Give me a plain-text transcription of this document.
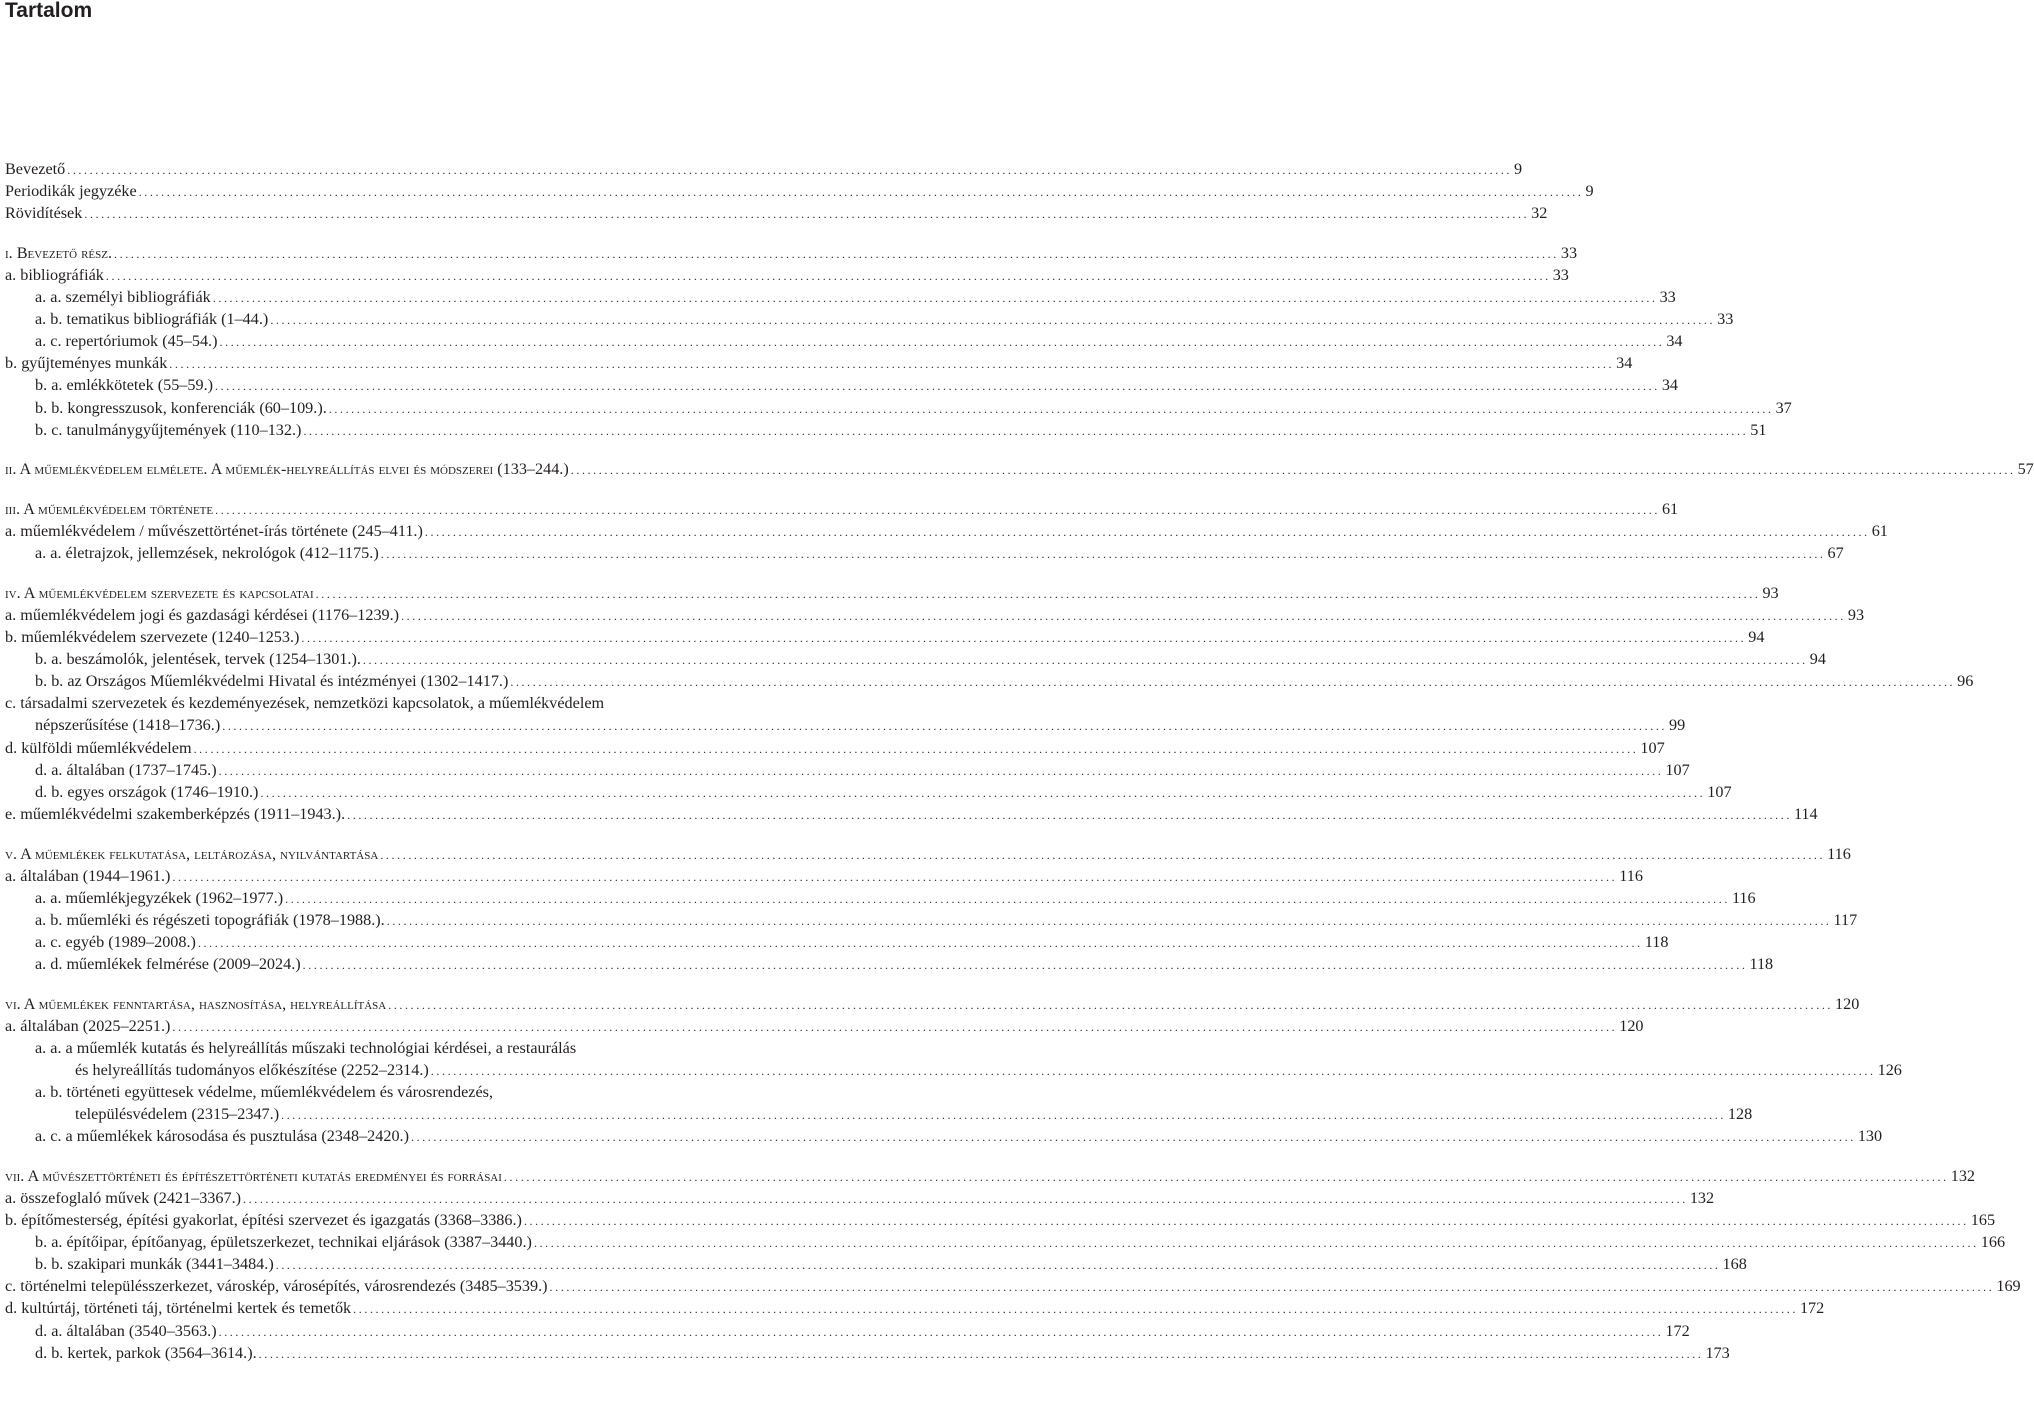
Tartalom
Bevezető .................................................................................................................................................................................................................................................................. 9
Periodikák jegyzéke .................................................................................................................................................................................................................................................................. 9
Rövidítések .................................................................................................................................................................................................................................................................. 32
i. Bevezető rész. .................................................................................................................................................................................................................................................................. 33
a. bibliográfiák .................................................................................................................................................................................................................................................................. 33
a. a. személyi bibliográfiák .................................................................................................................................................................................................................................................................. 33
a. b. tematikus bibliográfiák (1–44.) .................................................................................................................................................................................................................................................................. 33
a. c. repertóriumok (45–54.) .................................................................................................................................................................................................................................................................. 34
b. gyűjteményes munkák .................................................................................................................................................................................................................................................................. 34
b. a. emlékkötetek (55–59.) .................................................................................................................................................................................................................................................................. 34
b. b. kongresszusok, konferenciák (60–109.). .................................................................................................................................................................................................................................................................. 37
b. c. tanulmánygyűjtemények (110–132.) .................................................................................................................................................................................................................................................................. 51
ii. A műemlékvédelem elmélete. A műemlék-helyreállítás elvei és módszerei (133–244.) .................................................................................................................................................................................................................................................................. 57
iii. A műemlékvédelem története .................................................................................................................................................................................................................................................................. 61
a. műemlékvédelem / művészettörténet-írás története (245–411.) .................................................................................................................................................................................................................................................................. 61
a. a. életrajzok, jellemzések, nekrológok (412–1175.) .................................................................................................................................................................................................................................................................. 67
iv. A műemlékvédelem szervezete és kapcsolatai .................................................................................................................................................................................................................................................................. 93
a. műemlékvédelem jogi és gazdasági kérdései (1176–1239.) .................................................................................................................................................................................................................................................................. 93
b. műemlékvédelem szervezete (1240–1253.) .................................................................................................................................................................................................................................................................. 94
b. a. beszámolók, jelentések, tervek (1254–1301.). .................................................................................................................................................................................................................................................................. 94
b. b. az Országos Műemlékvédelmi Hivatal és intézményei (1302–1417.) .................................................................................................................................................................................................................................................................. 96
c. társadalmi szervezetek és kezdeményezések, nemzetközi kapcsolatok, a műemlékvédelem
népszerűsítése (1418–1736.) .................................................................................................................................................................................................................................................................. 99
d. külföldi műemlékvédelem .................................................................................................................................................................................................................................................................. 107
d. a. általában (1737–1745.) .................................................................................................................................................................................................................................................................. 107
d. b. egyes országok (1746–1910.) .................................................................................................................................................................................................................................................................. 107
e. műemlékvédelmi szakemberképzés (1911–1943.). .................................................................................................................................................................................................................................................................. 114
v. A műemlékek felkutatása, leltározása, nyilvántartása .................................................................................................................................................................................................................................................................. 116
a. általában (1944–1961.) .................................................................................................................................................................................................................................................................. 116
a. a. műemlékjegyzékek (1962–1977.) .................................................................................................................................................................................................................................................................. 116
a. b. műemléki és régészeti topográfiák (1978–1988.). .................................................................................................................................................................................................................................................................. 117
a. c. egyéb (1989–2008.) .................................................................................................................................................................................................................................................................. 118
a. d. műemlékek felmérése (2009–2024.) .................................................................................................................................................................................................................................................................. 118
vi. A műemlékek fenntartása, hasznosítása, helyreállítása .................................................................................................................................................................................................................................................................. 120
a. általában (2025–2251.) .................................................................................................................................................................................................................................................................. 120
a. a. a műemlék kutatás és helyreállítás műszaki technológiai kérdései, a restaurálás
és helyreállítás tudományos előkészítése (2252–2314.) .................................................................................................................................................................................................................................................................. 126
a. b. történeti együttesek védelme, műemlékvédelem és városrendezés,
településvédelem (2315–2347.) .................................................................................................................................................................................................................................................................. 128
a. c. a műemlékek károsodása és pusztulása (2348–2420.) .................................................................................................................................................................................................................................................................. 130
vii. A művészettörténeti és építészettörténeti kutatás eredményei és forrásai .................................................................................................................................................................................................................................................................. 132
a. összefoglaló művek (2421–3367.) .................................................................................................................................................................................................................................................................. 132
b. építőmesterség, építési gyakorlat, építési szervezet és igazgatás (3368–3386.) .................................................................................................................................................................................................................................................................. 165
b. a. építőipar, építőanyag, épületszerkezet, technikai eljárások (3387–3440.) .................................................................................................................................................................................................................................................................. 166
b. b. szakipari munkák (3441–3484.) .................................................................................................................................................................................................................................................................. 168
c. történelmi településszerkezet, városkép, városépítés, városrendezés (3485–3539.) .................................................................................................................................................................................................................................................................. 169
d. kultúrtáj, történeti táj, történelmi kertek és temetők .................................................................................................................................................................................................................................................................. 172
d. a. általában (3540–3563.) .................................................................................................................................................................................................................................................................. 172
d. b. kertek, parkok (3564–3614.). .................................................................................................................................................................................................................................................................. 173
